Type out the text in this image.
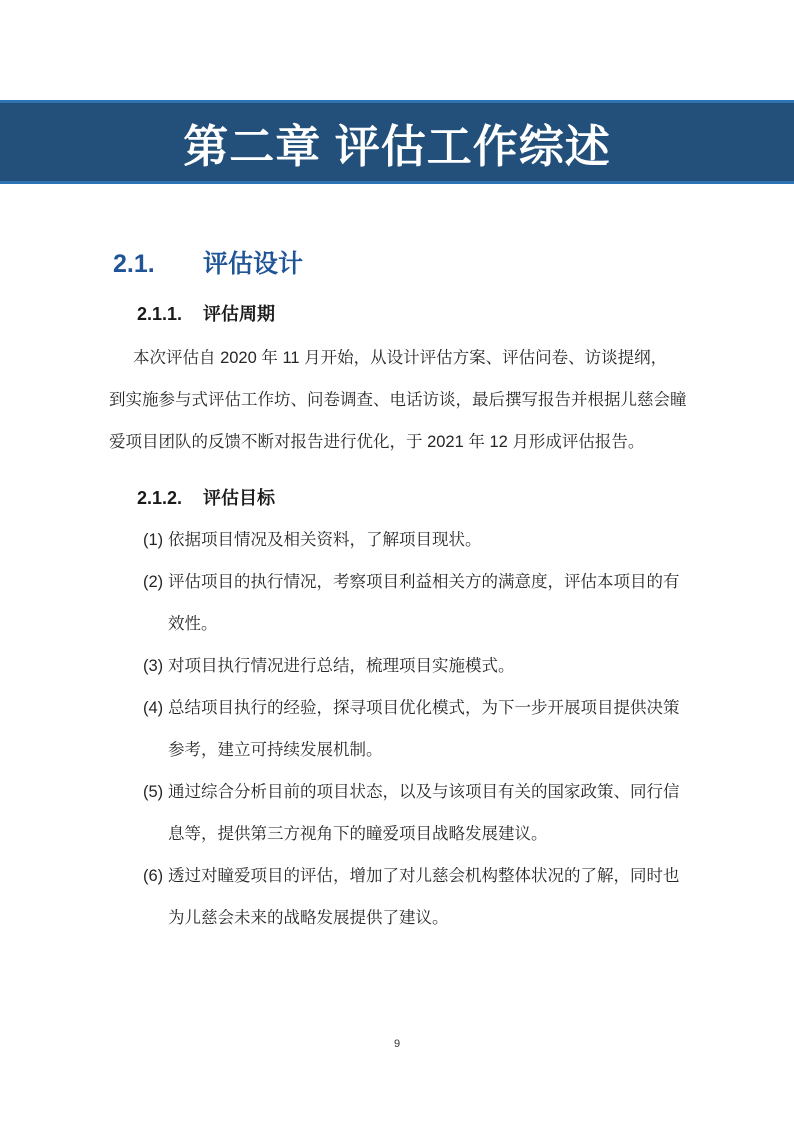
第二章 评估工作综述
2.1.	评估设计
2.1.1.	评估周期
本次评估自 2020 年 11 月开始，从设计评估方案、评估问卷、访谈提纲，
到实施参与式评估工作坊、问卷调查、电话访谈，最后撰写报告并根据儿慈会瞳
爱项目团队的反馈不断对报告进行优化，于 2021 年 12 月形成评估报告。
2.1.2.	评估目标
(1) 依据项目情况及相关资料，了解项目现状。
(2) 评估项目的执行情况，考察项目利益相关方的满意度，评估本项目的有
效性。
(3) 对项目执行情况进行总结，梳理项目实施模式。
(4) 总结项目执行的经验，探寻项目优化模式，为下一步开展项目提供决策
参考，建立可持续发展机制。
(5) 通过综合分析目前的项目状态，以及与该项目有关的国家政策、同行信
息等，提供第三方视角下的瞳爱项目战略发展建议。
(6) 透过对瞳爱项目的评估，增加了对儿慈会机构整体状况的了解，同时也
为儿慈会未来的战略发展提供了建议。
9
